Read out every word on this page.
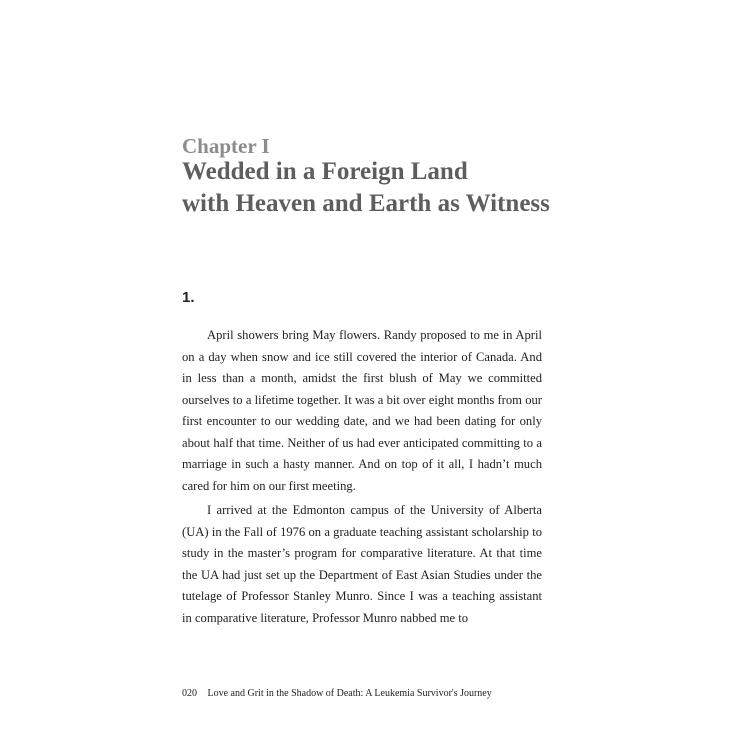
Chapter I
Wedded in a Foreign Land
with Heaven and Earth as Witness
1.

April showers bring May flowers. Randy proposed to me in April on a day when snow and ice still covered the interior of Canada. And in less than a month, amidst the first blush of May we committed ourselves to a lifetime together. It was a bit over eight months from our first encounter to our wedding date, and we had been dating for only about half that time. Neither of us had ever anticipated committing to a marriage in such a hasty manner. And on top of it all, I hadn’t much cared for him on our first meeting.

I arrived at the Edmonton campus of the University of Alberta (UA) in the Fall of 1976 on a graduate teaching assistant scholarship to study in the master’s program for comparative literature. At that time the UA had just set up the Department of East Asian Studies under the tutelage of Professor Stanley Munro. Since I was a teaching assistant in comparative literature, Professor Munro nabbed me to

020 Love and Grit in the Shadow of Death: A Leukemia Survivor's Journey
